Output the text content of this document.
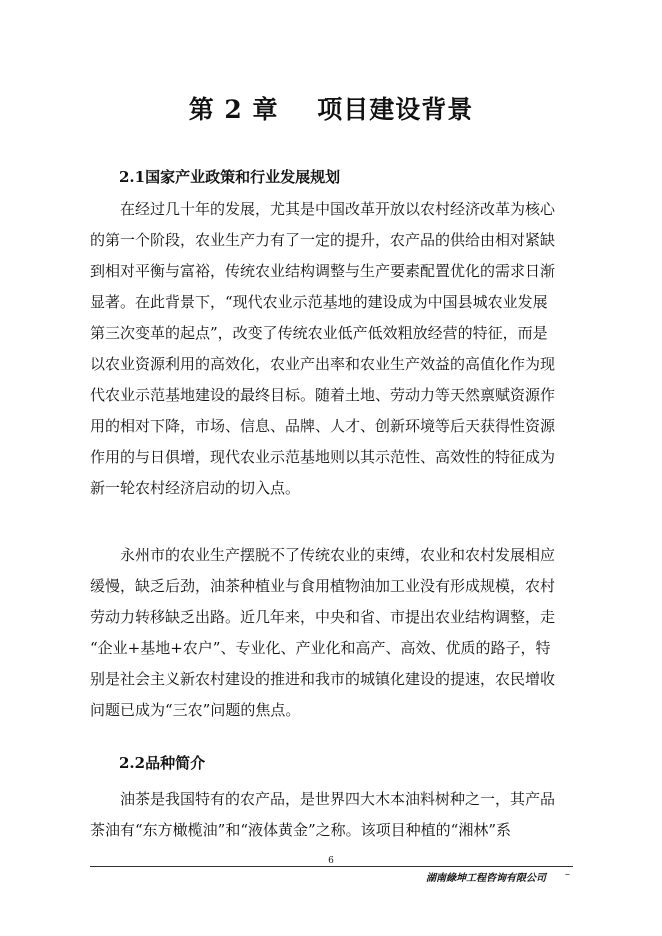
第 2 章    项目建设背景
2.1国家产业政策和行业发展规划
在经过几十年的发展，尤其是中国改革开放以农村经济改革为核心
的第一个阶段，农业生产力有了一定的提升，农产品的供给由相对紧缺
到相对平衡与富裕，传统农业结构调整与生产要素配置优化的需求日渐
显著。在此背景下，“现代农业示范基地的建设成为中国县城农业发展
第三次变革的起点”，改变了传统农业低产低效粗放经营的特征，而是
以农业资源利用的高效化，农业产出率和农业生产效益的高值化作为现
代农业示范基地建设的最终目标。随着土地、劳动力等天然禀赋资源作
用的相对下降，市场、信息、品牌、人才、创新环境等后天获得性资源
作用的与日俱增，现代农业示范基地则以其示范性、高效性的特征成为
新一轮农村经济启动的切入点。
永州市的农业生产摆脱不了传统农业的束缚，农业和农村发展相应
缓慢，缺乏后劲，油茶种植业与食用植物油加工业没有形成规模，农村
劳动力转移缺乏出路。近几年来，中央和省、市提出农业结构调整，走
“企业+基地+农户”、专业化、产业化和高产、高效、优质的路子，特
别是社会主义新农村建设的推进和我市的城镇化建设的提速，农民增收
问题已成为“三农”问题的焦点。
2.2品种简介
油茶是我国特有的农产品，是世界四大木本油料树种之一，其产品
茶油有“东方橄榄油”和“液体黄金”之称。该项目种植的“湘林”系
6
湖南綠坤工程咨询有限公司 –
